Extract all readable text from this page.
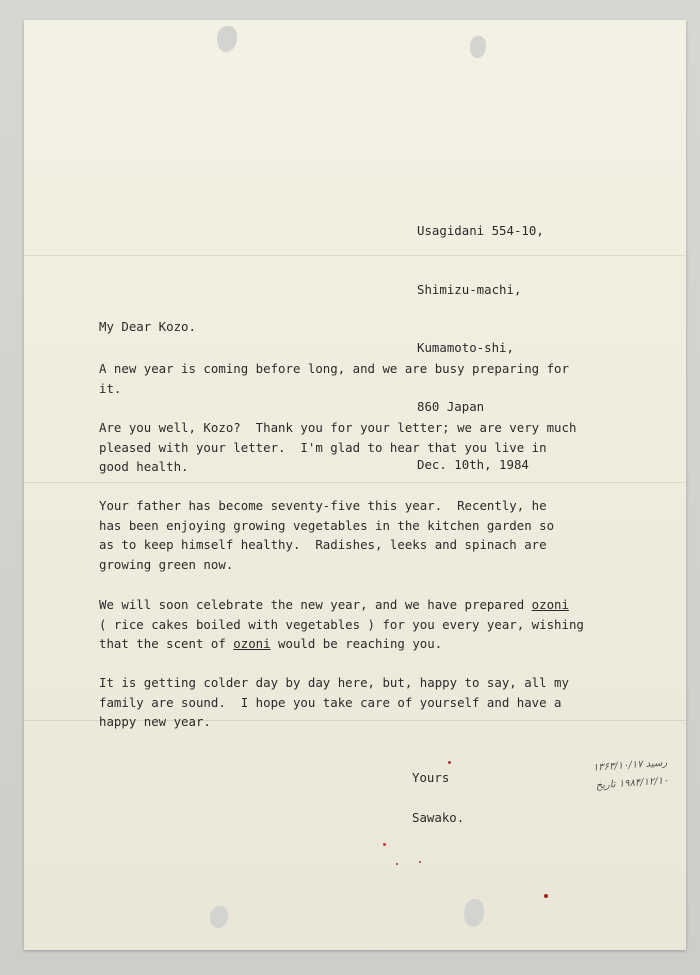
Usagidani 554-10,

Shimizu-machi,

Kumamoto-shi,

860 Japan

Dec. 10th, 1984

My Dear Kozo.
A new year is coming before long, and we are busy preparing for
it.
Are you well, Kozo?  Thank you for your letter; we are very much
pleased with your letter.  I'm glad to hear that you live in
good health.
Your father has become seventy-five this year.  Recently, he
has been enjoying growing vegetables in the kitchen garden so
as to keep himself healthy.  Radishes, leeks and spinach are
growing green now.
We will soon celebrate the new year, and we have prepared ozoni
( rice cakes boiled with vegetables ) for you every year, wishing
that the scent of ozoni would be reaching you.
It is getting colder day by day here, but, happy to say, all my
family are sound.  I hope you take care of yourself and have a
happy new year.
Yours
Sawako.
رسید ۱۳۶۳/۱۰/۱۷
۱۹۸۴/۱۲/۱۰ تاریخ
